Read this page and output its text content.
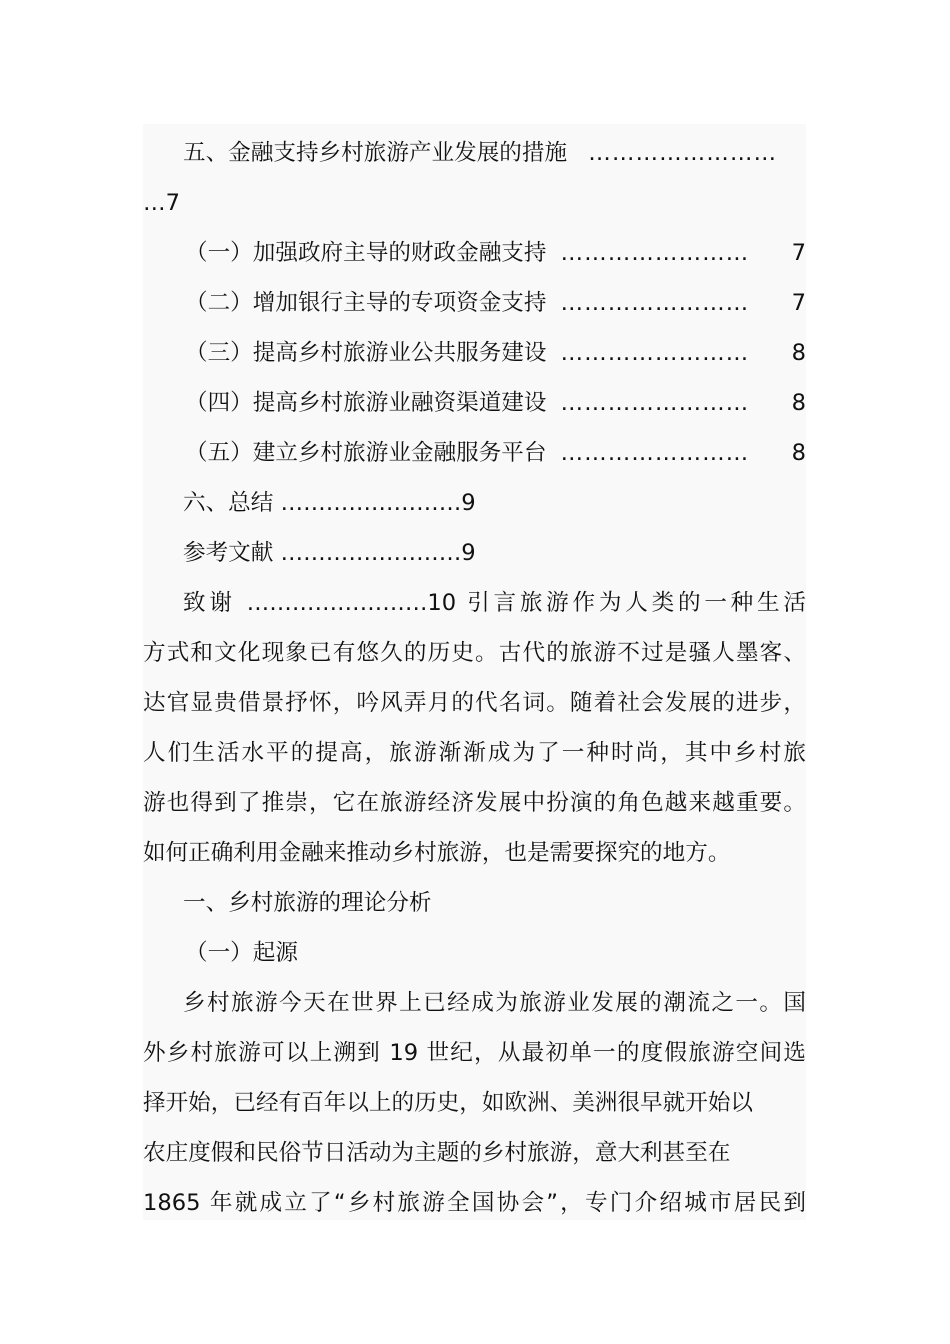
五、金融支持乡村旅游产业发展的措施 ……………………
…7
（一）加强政府主导的财政金融支持 ……………………	7
（二）增加银行主导的专项资金支持 ……………………	7
（三）提高乡村旅游业公共服务建设 ……………………	8
（四）提高乡村旅游业融资渠道建设 ……………………	8
（五）建立乡村旅游业金融服务平台 ……………………	8
六、总结 ……………………9
参考文献 ……………………9
致谢 ……………………10 引言旅游作为人类的一种生活
方式和文化现象已有悠久的历史。古代的旅游不过是骚人墨客、
达官显贵借景抒怀，吟风弄月的代名词。随着社会发展的进步，
人们生活水平的提高，旅游渐渐成为了一种时尚，其中乡村旅
游也得到了推崇，它在旅游经济发展中扮演的角色越来越重要。
如何正确利用金融来推动乡村旅游，也是需要探究的地方。
一、乡村旅游的理论分析
（一）起源
乡村旅游今天在世界上已经成为旅游业发展的潮流之一。国
外乡村旅游可以上溯到 19 世纪，从最初单一的度假旅游空间选
择开始，已经有百年以上的历史，如欧洲、美洲很早就开始以
农庄度假和民俗节日活动为主题的乡村旅游，意大利甚至在
1865 年就成立了“乡村旅游全国协会”，专门介绍城市居民到
